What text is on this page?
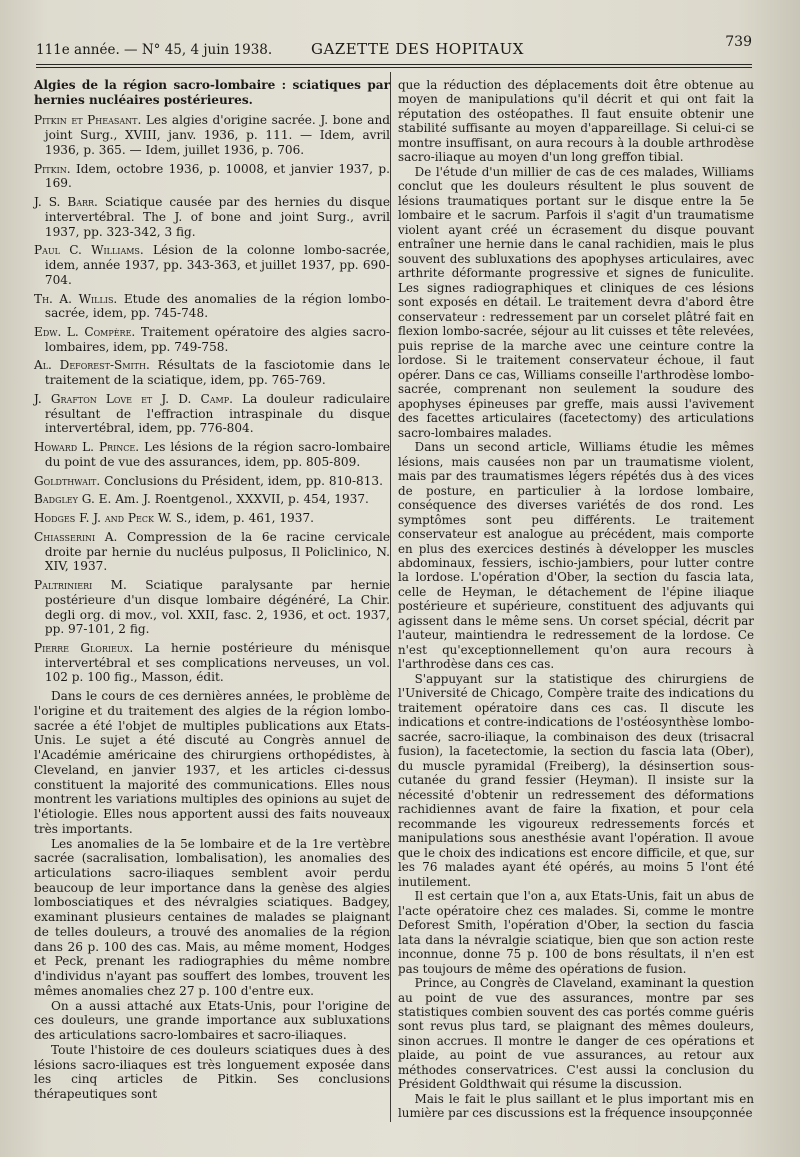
111e année. — N° 45, 4 juin 1938.	GAZETTE DES HOPITAUX	739

Algies de la région sacro-lombaire : sciatiques par hernies nucléaires postérieures.

Pitkin et Pheasant. Les algies d'origine sacrée. J. bone and joint Surg., XVIII, janv. 1936, p. 111. — Idem, avril 1936, p. 365. — Idem, juillet 1936, p. 706.

Pitkin. Idem, octobre 1936, p. 10008, et janvier 1937, p. 169.

J. S. Barr. Sciatique causée par des hernies du disque intervertébral. The J. of bone and joint Surg., avril 1937, pp. 323-342, 3 fig.

Paul C. Williams. Lésion de la colonne lombo-sacrée, idem, année 1937, pp. 343-363, et juillet 1937, pp. 690-704.

Th. A. Willis. Etude des anomalies de la région lombo-sacrée, idem, pp. 745-748.

Edw. L. Compère. Traitement opératoire des algies sacro-lombaires, idem, pp. 749-758.

Al. Deforest-Smith. Résultats de la fasciotomie dans le traitement de la sciatique, idem, pp. 765-769.

J. Grafton Love et J. D. Camp. La douleur radiculaire résultant de l'effraction intraspinale du disque intervertébral, idem, pp. 776-804.

Howard L. Prince. Les lésions de la région sacro-lombaire du point de vue des assurances, idem, pp. 805-809.

Goldthwait. Conclusions du Président, idem, pp. 810-813.

Badgley G. E. Am. J. Roentgenol., XXXVII, p. 454, 1937.

Hodges F. J. and Peck W. S., idem, p. 461, 1937.

Chiasserini A. Compression de la 6e racine cervicale droite par hernie du nucléus pulposus, Il Policlinico, N. XIV, 1937.

Paltrinieri M. Sciatique paralysante par hernie postérieure d'un disque lombaire dégénéré, La Chir. degli org. di mov., vol. XXII, fasc. 2, 1936, et oct. 1937, pp. 97-101, 2 fig.

Pierre Glorieux. La hernie postérieure du ménisque intervertébral et ses complications nerveuses, un vol. 102 p. 100 fig., Masson, édit.

Dans le cours de ces dernières années, le problème de l'origine et du traitement des algies de la région lombo-sacrée a été l'objet de multiples publications aux Etats-Unis. Le sujet a été discuté au Congrès annuel de l'Académie américaine des chirurgiens orthopédistes, à Cleveland, en janvier 1937, et les articles ci-dessus constituent la majorité des communications. Elles nous montrent les variations multiples des opinions au sujet de l'étiologie. Elles nous apportent aussi des faits nouveaux très importants.

Les anomalies de la 5e lombaire et de la 1re vertèbre sacrée (sacralisation, lombalisation), les anomalies des articulations sacro-iliaques semblent avoir perdu beaucoup de leur importance dans la genèse des algies lombosciatiques et des névralgies sciatiques. Badgey, examinant plusieurs centaines de malades se plaignant de telles douleurs, a trouvé des anomalies de la région dans 26 p. 100 des cas. Mais, au même moment, Hodges et Peck, prenant les radiographies du même nombre d'individus n'ayant pas souffert des lombes, trouvent les mêmes anomalies chez 27 p. 100 d'entre eux.

On a aussi attaché aux Etats-Unis, pour l'origine de ces douleurs, une grande importance aux subluxations des articulations sacro-lombaires et sacro-iliaques.

Toute l'histoire de ces douleurs sciatiques dues à des lésions sacro-iliaques est très longuement exposée dans les cinq articles de Pitkin. Ses conclusions thérapeutiques sont

que la réduction des déplacements doit être obtenue au moyen de manipulations qu'il décrit et qui ont fait la réputation des ostéopathes. Il faut ensuite obtenir une stabilité suffisante au moyen d'appareillage. Si celui-ci se montre insuffisant, on aura recours à la double arthrodèse sacro-iliaque au moyen d'un long greffon tibial.

De l'étude d'un millier de cas de ces malades, Williams conclut que les douleurs résultent le plus souvent de lésions traumatiques portant sur le disque entre la 5e lombaire et le sacrum. Parfois il s'agit d'un traumatisme violent ayant créé un écrasement du disque pouvant entraîner une hernie dans le canal rachidien, mais le plus souvent des subluxations des apophyses articulaires, avec arthrite déformante progressive et signes de funiculite. Les signes radiographiques et cliniques de ces lésions sont exposés en détail. Le traitement devra d'abord être conservateur : redressement par un corselet plâtré fait en flexion lombo-sacrée, séjour au lit cuisses et tête relevées, puis reprise de la marche avec une ceinture contre la lordose. Si le traitement conservateur échoue, il faut opérer. Dans ce cas, Williams conseille l'arthrodèse lombo-sacrée, comprenant non seulement la soudure des apophyses épineuses par greffe, mais aussi l'avivement des facettes articulaires (facetectomy) des articulations sacro-lombaires malades.

Dans un second article, Williams étudie les mêmes lésions, mais causées non par un traumatisme violent, mais par des traumatismes légers répétés dus à des vices de posture, en particulier à la lordose lombaire, conséquence des diverses variétés de dos rond. Les symptômes sont peu différents. Le traitement conservateur est analogue au précédent, mais comporte en plus des exercices destinés à développer les muscles abdominaux, fessiers, ischio-jambiers, pour lutter contre la lordose. L'opération d'Ober, la section du fascia lata, celle de Heyman, le détachement de l'épine iliaque postérieure et supérieure, constituent des adjuvants qui agissent dans le même sens. Un corset spécial, décrit par l'auteur, maintiendra le redressement de la lordose. Ce n'est qu'exceptionnellement qu'on aura recours à l'arthrodèse dans ces cas.

S'appuyant sur la statistique des chirurgiens de l'Université de Chicago, Compère traite des indications du traitement opératoire dans ces cas. Il discute les indications et contre-indications de l'ostéosynthèse lombo-sacrée, sacro-iliaque, la combinaison des deux (trisacral fusion), la facetectomie, la section du fascia lata (Ober), du muscle pyramidal (Freiberg), la désinsertion sous-cutanée du grand fessier (Heyman). Il insiste sur la nécessité d'obtenir un redressement des déformations rachidiennes avant de faire la fixation, et pour cela recommande les vigoureux redressements forcés et manipulations sous anesthésie avant l'opération. Il avoue que le choix des indications est encore difficile, et que, sur les 76 malades ayant été opérés, au moins 5 l'ont été inutilement.

Il est certain que l'on a, aux Etats-Unis, fait un abus de l'acte opératoire chez ces malades. Si, comme le montre Deforest Smith, l'opération d'Ober, la section du fascia lata dans la névralgie sciatique, bien que son action reste inconnue, donne 75 p. 100 de bons résultats, il n'en est pas toujours de même des opérations de fusion.

Prince, au Congrès de Claveland, examinant la question au point de vue des assurances, montre par ses statistiques combien souvent des cas portés comme guéris sont revus plus tard, se plaignant des mêmes douleurs, sinon accrues. Il montre le danger de ces opérations et plaide, au point de vue assurances, au retour aux méthodes conservatrices. C'est aussi la conclusion du Président Goldthwait qui résume la discussion.

Mais le fait le plus saillant et le plus important mis en lumière par ces discussions est la fréquence insoupçonnée
